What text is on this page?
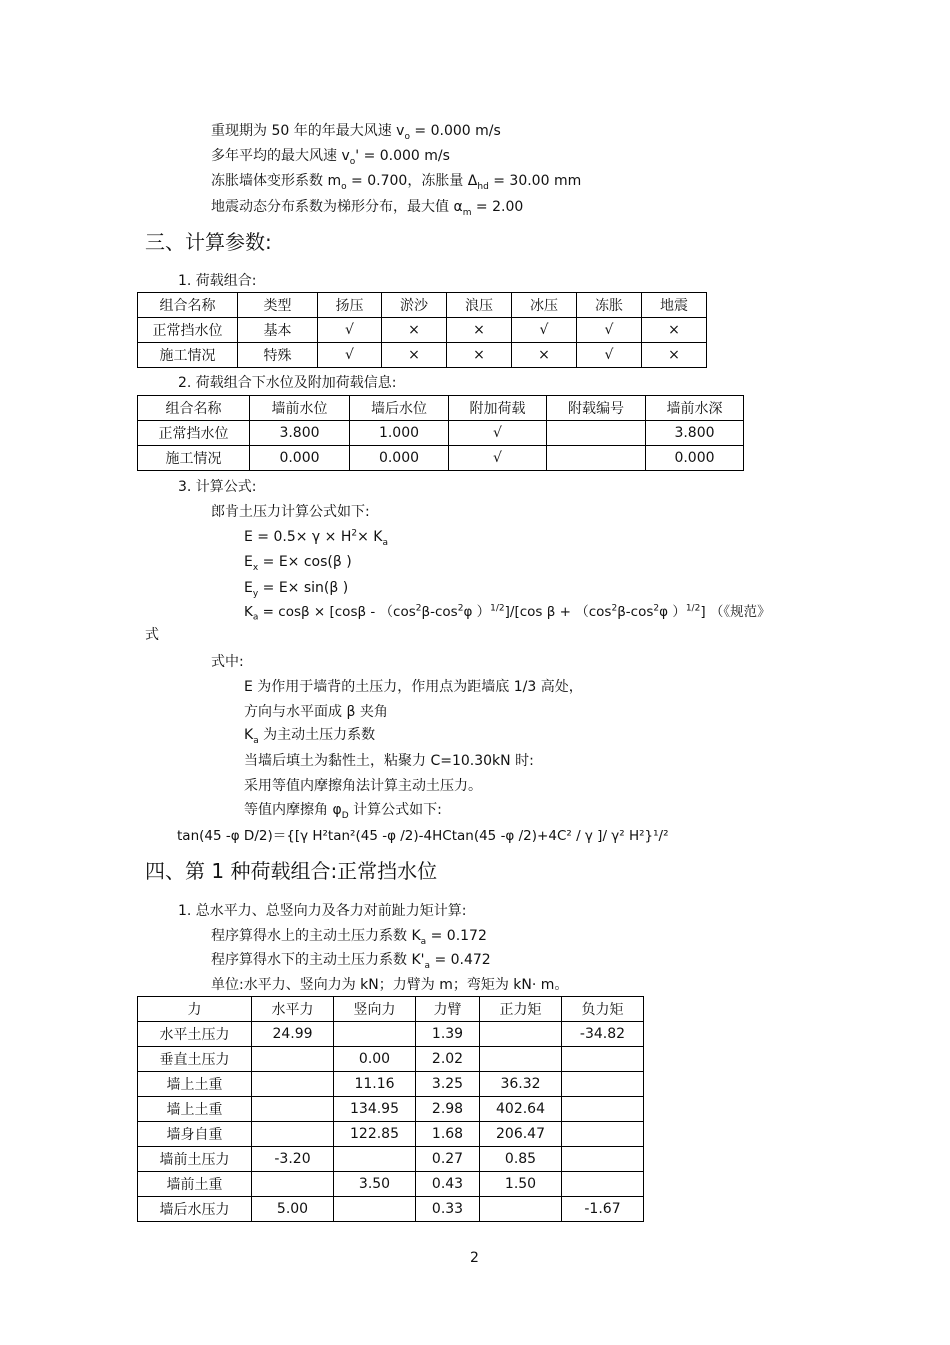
重现期为 50 年的年最大风速 $v_o = 0.000$ m/s
多年平均的最大风速 $v_o' = 0.000$ m/s
冻胀墙体变形系数 $m_o = 0.700$，冻胀量 $\Delta_{hd} = 30.00$ mm
地震动态分布系数为梯形分布，最大值 $\alpha_m = 2.00$
三、计算参数:
1. 荷载组合:
组合名称	类型	扬压	淤沙	浪压	冰压	冻胀	地震
正常挡水位	基本	√	×	×	√	√	×
施工情况	特殊	√	×	×	×	√	×
2. 荷载组合下水位及附加荷载信息:
组合名称	墙前水位	墙后水位	附加荷载	附载编号	墙前水深
正常挡水位	3.800	1.000	√		3.800
施工情况	0.000	0.000	√		0.000
3. 计算公式:
郎肯土压力计算公式如下:
$E = 0.5\times \gamma \times H^2\times K_a$
$E_x = E\times \cos(\beta$ )
$E_y = E\times \sin(\beta$ )
$K_a = \cos\beta \times [\cos\beta - (\cos^2\beta-\cos^2\varphi$ ）$^{1/2}$]/[cos $\beta + (\cos^2\beta-\cos^2\varphi$ ）$^{1/2}$] （《规范》
式
式中:
E 为作用于墙背的土压力，作用点为距墙底 1/3 高处，
方向与水平面成 β 夹角
$K_a$ 为主动土压力系数
当墙后填土为黏性土，粘聚力 C=10.30kN 时:
采用等值内摩擦角法计算主动土压力。
等值内摩擦角 $\varphi_D$ 计算公式如下:
tan(45 -φ D/2)＝{[γ H²tan²(45 -φ /2)-4HCtan(45 -φ /2)+4C² / γ ]/ γ² H²}¹/²
四、第 1 种荷载组合:正常挡水位
1. 总水平力、总竖向力及各力对前趾力矩计算:
程序算得水上的主动土压力系数 $K_a = 0.172$
程序算得水下的主动土压力系数 $K'_a = 0.472$
单位:水平力、竖向力为 kN；力臂为 m；弯矩为 kN· m。
力	水平力	竖向力	力臂	正力矩	负力矩
水平土压力	24.99		1.39		-34.82
垂直土压力		0.00	2.02		
墙上土重		11.16	3.25	36.32	
墙上土重		134.95	2.98	402.64	
墙身自重		122.85	1.68	206.47	
墙前土压力	-3.20		0.27	0.85	
墙前土重		3.50	0.43	1.50	
墙后水压力	5.00		0.33		-1.67
2
